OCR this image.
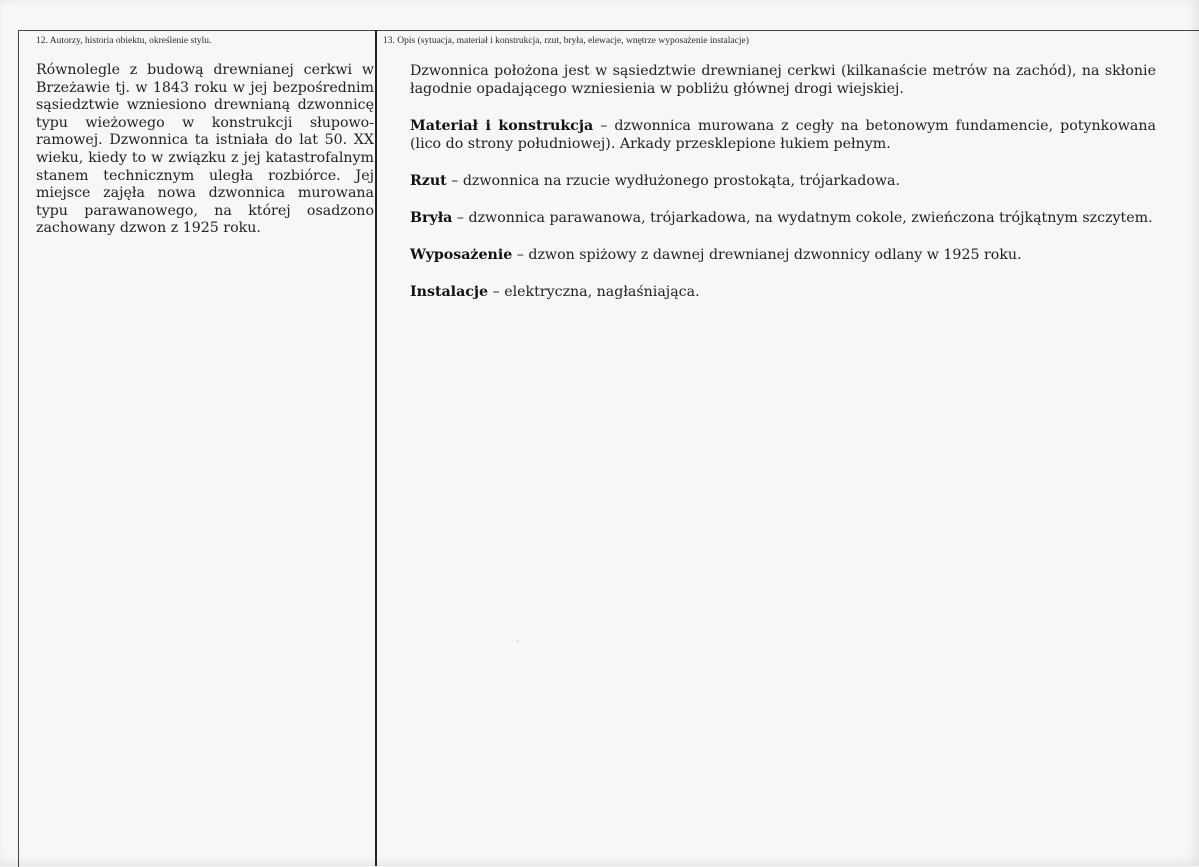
12. Autorzy, historia obiektu, określenie stylu.	13. Opis (sytuacja, materiał i konstrukcja, rzut, bryła, elewacje, wnętrze wyposażenie instalacje)
Równolegle z budową drewnianej cerkwi w Brzeżawie tj. w 1843 roku w jej bezpośrednim sąsiedztwie wzniesiono drewnianą dzwonnicę typu wieżowego w konstrukcji słupowo-ramowej. Dzwonnica ta istniała do lat 50. XX wieku, kiedy to w związku z jej katastrofalnym stanem technicznym uległa rozbiórce. Jej miejsce zajęła nowa dzwonnica murowana typu parawanowego, na której osadzono zachowany dzwon z 1925 roku.

Dzwonnica położona jest w sąsiedztwie drewnianej cerkwi (kilkanaście metrów na zachód), na skłonie łagodnie opadającego wzniesienia w pobliżu głównej drogi wiejskiej.

Materiał i konstrukcja – dzwonnica murowana z cegły na betonowym fundamencie, potynkowana (lico do strony południowej). Arkady przesklepione łukiem pełnym.

Rzut – dzwonnica na rzucie wydłużonego prostokąta, trójarkadowa.

Bryła – dzwonnica parawanowa, trójarkadowa, na wydatnym cokole, zwieńczona trójkątnym szczytem.

Wyposażenie – dzwon spiżowy z dawnej drewnianej dzwonnicy odlany w 1925 roku.

Instalacje – elektryczna, nagłaśniająca.

ˏ
